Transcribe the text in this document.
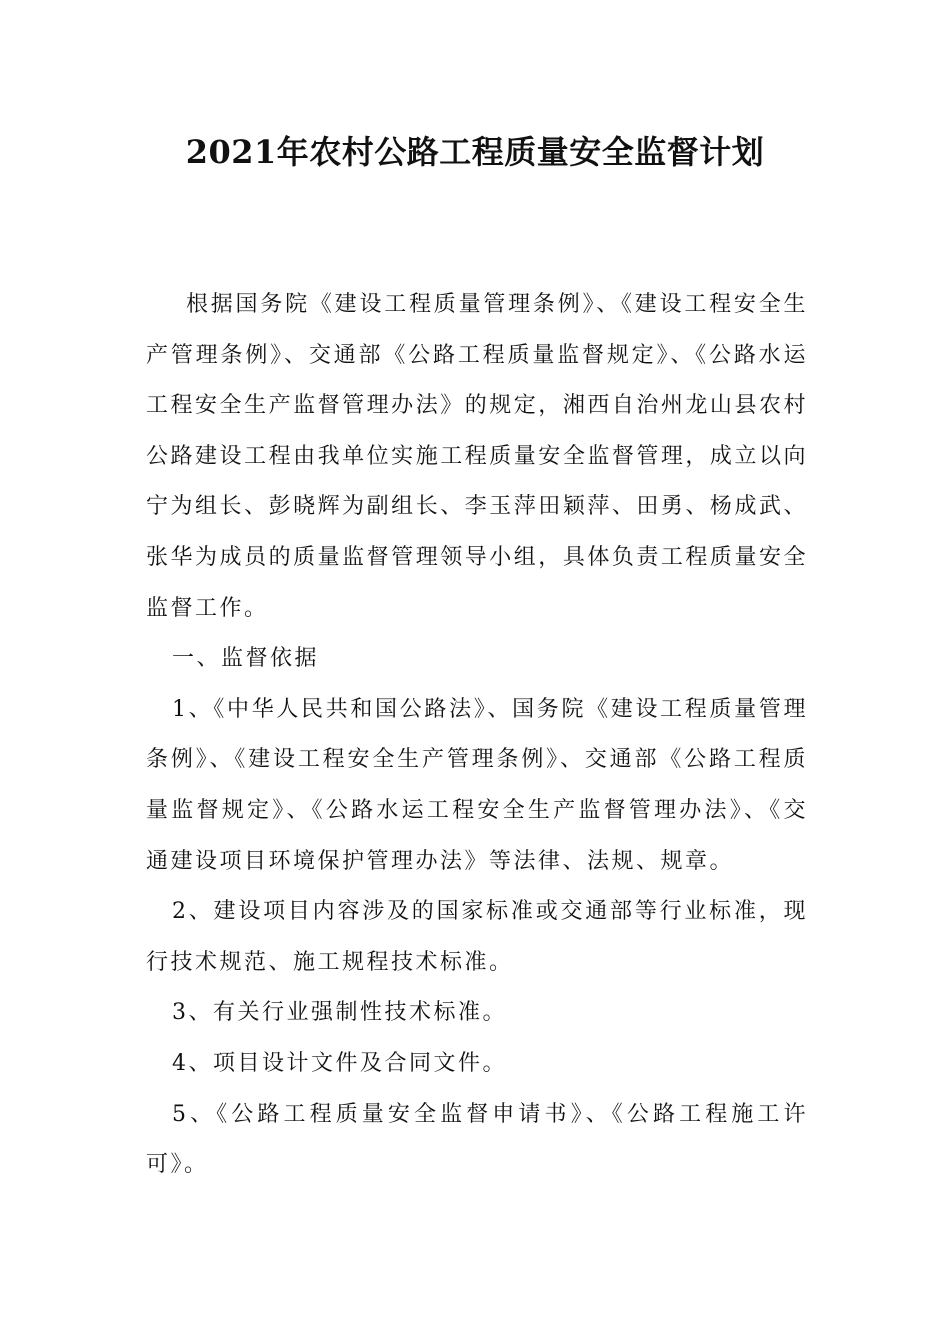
2021年农村公路工程质量安全监督计划

根据国务院《建设工程质量管理条例》、《建设工程安全生产管理条例》、交通部《公路工程质量监督规定》、《公路水运工程安全生产监督管理办法》的规定，湘西自治州龙山县农村公路建设工程由我单位实施工程质量安全监督管理，成立以向宁为组长、彭晓辉为副组长、李玉萍田颖萍、田勇、杨成武、张华为成员的质量监督管理领导小组，具体负责工程质量安全监督工作。

一、监督依据

1、《中华人民共和国公路法》、国务院《建设工程质量管理条例》、《建设工程安全生产管理条例》、交通部《公路工程质量监督规定》、《公路水运工程安全生产监督管理办法》、《交通建设项目环境保护管理办法》等法律、法规、规章。

2、建设项目内容涉及的国家标准或交通部等行业标准，现行技术规范、施工规程技术标准。

3、有关行业强制性技术标准。

4、项目设计文件及合同文件。

5、《公路工程质量安全监督申请书》、《公路工程施工许可》。
